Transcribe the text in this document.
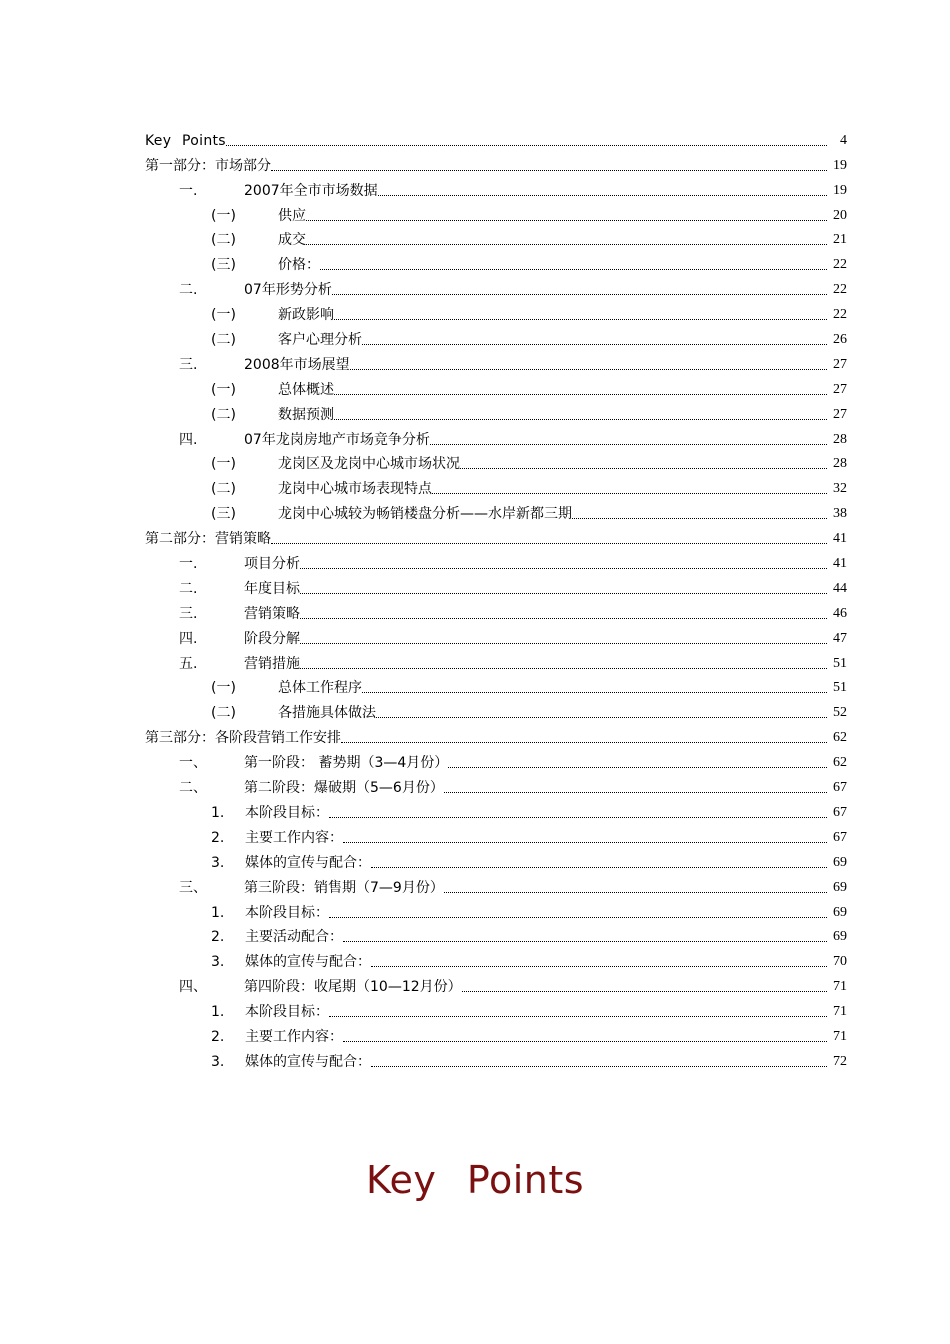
Key Points	4
第一部分：市场部分	19
一.	2007年全市市场数据	19
(一)	供应	20
(二)	成交	21
(三)	价格：	22
二.	07年形势分析	22
(一)	新政影响	22
(二)	客户心理分析	26
三.	2008年市场展望	27
(一)	总体概述	27
(二)	数据预测	27
四.	07年龙岗房地产市场竞争分析	28
(一)	龙岗区及龙岗中心城市场状况	28
(二)	龙岗中心城市场表现特点	32
(三)	龙岗中心城较为畅销楼盘分析——水岸新都三期	38
第二部分：营销策略	41
一.	项目分析	41
二.	年度目标	44
三.	营销策略	46
四.	阶段分解	47
五.	营销措施	51
(一)	总体工作程序	51
(二)	各措施具体做法	52
第三部分：各阶段营销工作安排	62
一、	第一阶段： 蓄势期（3—4月份）	62
二、	第二阶段：爆破期（5—6月份）	67
1.	本阶段目标：	67
2.	主要工作内容：	67
3.	媒体的宣传与配合：	69
三、	第三阶段：销售期（7—9月份）	69
1.	本阶段目标：	69
2.	主要活动配合：	69
3.	媒体的宣传与配合：	70
四、	第四阶段：收尾期（10—12月份）	71
1.	本阶段目标：	71
2.	主要工作内容：	71
3.	媒体的宣传与配合：	72
Key Points
